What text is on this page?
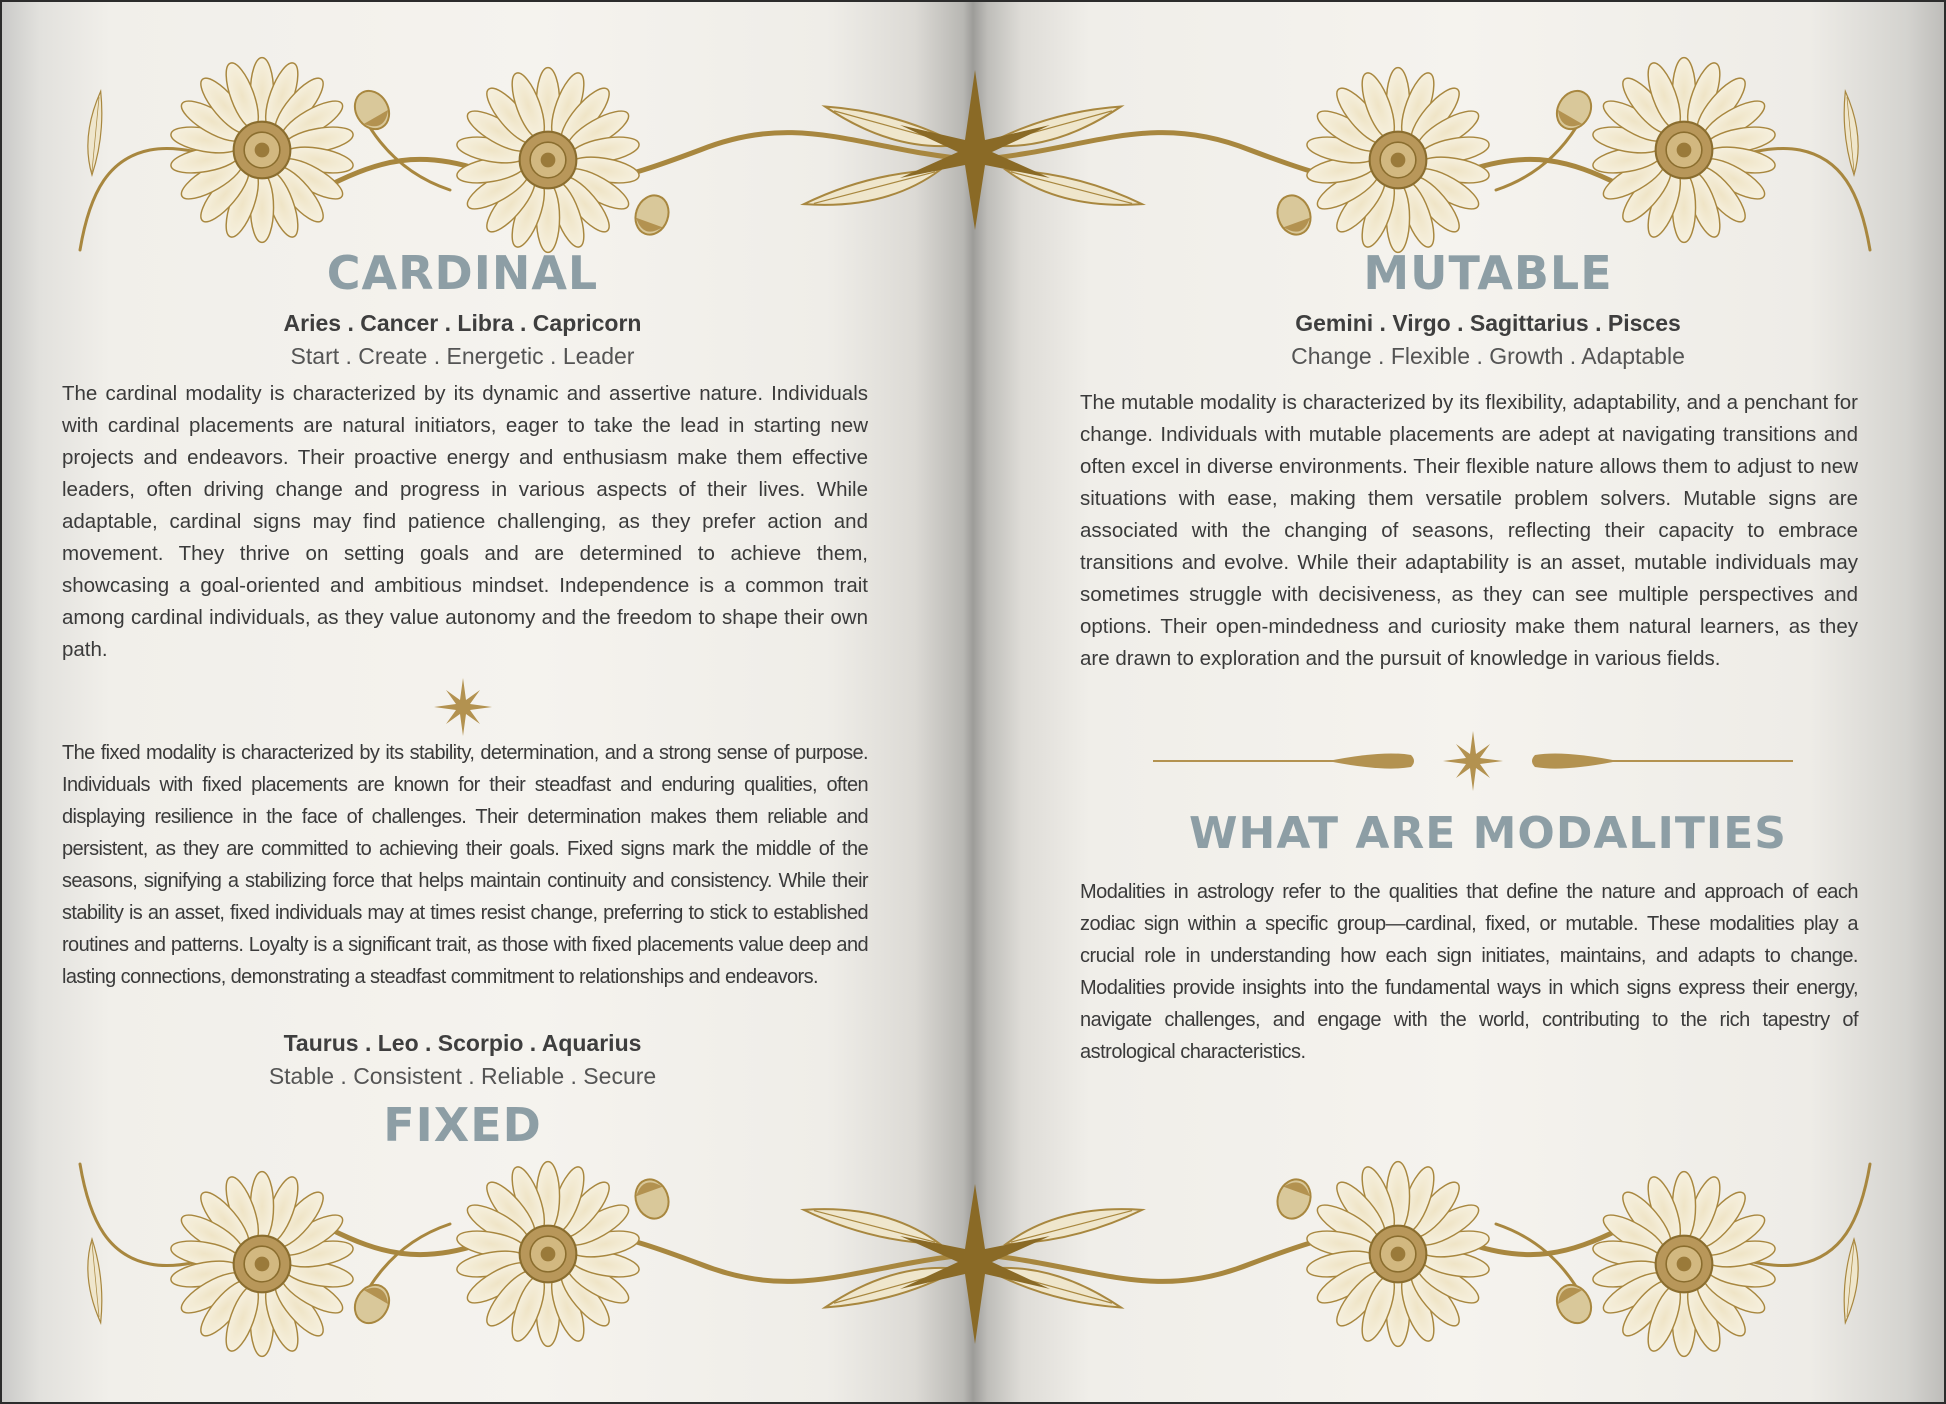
CARDINAL
Aries . Cancer . Libra . Capricorn
Start . Create . Energetic . Leader

The cardinal modality is characterized by its dynamic and assertive nature. Individuals with cardinal placements are natural initiators, eager to take the lead in starting new projects and endeavors. Their proactive energy and enthusiasm make them effective leaders, often driving change and progress in various aspects of their lives. While adaptable, cardinal signs may find patience challenging, as they prefer action and movement. They thrive on setting goals and are determined to achieve them, showcasing a goal-oriented and ambitious mindset. Independence is a common trait among cardinal individuals, as they value autonomy and the freedom to shape their own path.

The fixed modality is characterized by its stability, determination, and a strong sense of purpose. Individuals with fixed placements are known for their steadfast and enduring qualities, often displaying resilience in the face of challenges. Their determination makes them reliable and persistent, as they are committed to achieving their goals. Fixed signs mark the middle of the seasons, signifying a stabilizing force that helps maintain continuity and consistency. While their stability is an asset, fixed individuals may at times resist change, preferring to stick to established routines and patterns. Loyalty is a significant trait, as those with fixed placements value deep and lasting connections, demonstrating a steadfast commitment to relationships and endeavors.

Taurus . Leo . Scorpio . Aquarius
Stable . Consistent . Reliable . Secure
FIXED
MUTABLE
Gemini . Virgo . Sagittarius . Pisces
Change . Flexible . Growth . Adaptable

The mutable modality is characterized by its flexibility, adaptability, and a penchant for change. Individuals with mutable placements are adept at navigating transitions and often excel in diverse environments. Their flexible nature allows them to adjust to new situations with ease, making them versatile problem solvers. Mutable signs are associated with the changing of seasons, reflecting their capacity to embrace transitions and evolve. While their adaptability is an asset, mutable individuals may sometimes struggle with decisiveness, as they can see multiple perspectives and options. Their open-mindedness and curiosity make them natural learners, as they are drawn to exploration and the pursuit of knowledge in various fields.

WHAT ARE MODALITIES

Modalities in astrology refer to the qualities that define the nature and approach of each zodiac sign within a specific group—cardinal, fixed, or mutable. These modalities play a crucial role in understanding how each sign initiates, maintains, and adapts to change. Modalities provide insights into the fundamental ways in which signs express their energy, navigate challenges, and engage with the world, contributing to the rich tapestry of astrological characteristics.
